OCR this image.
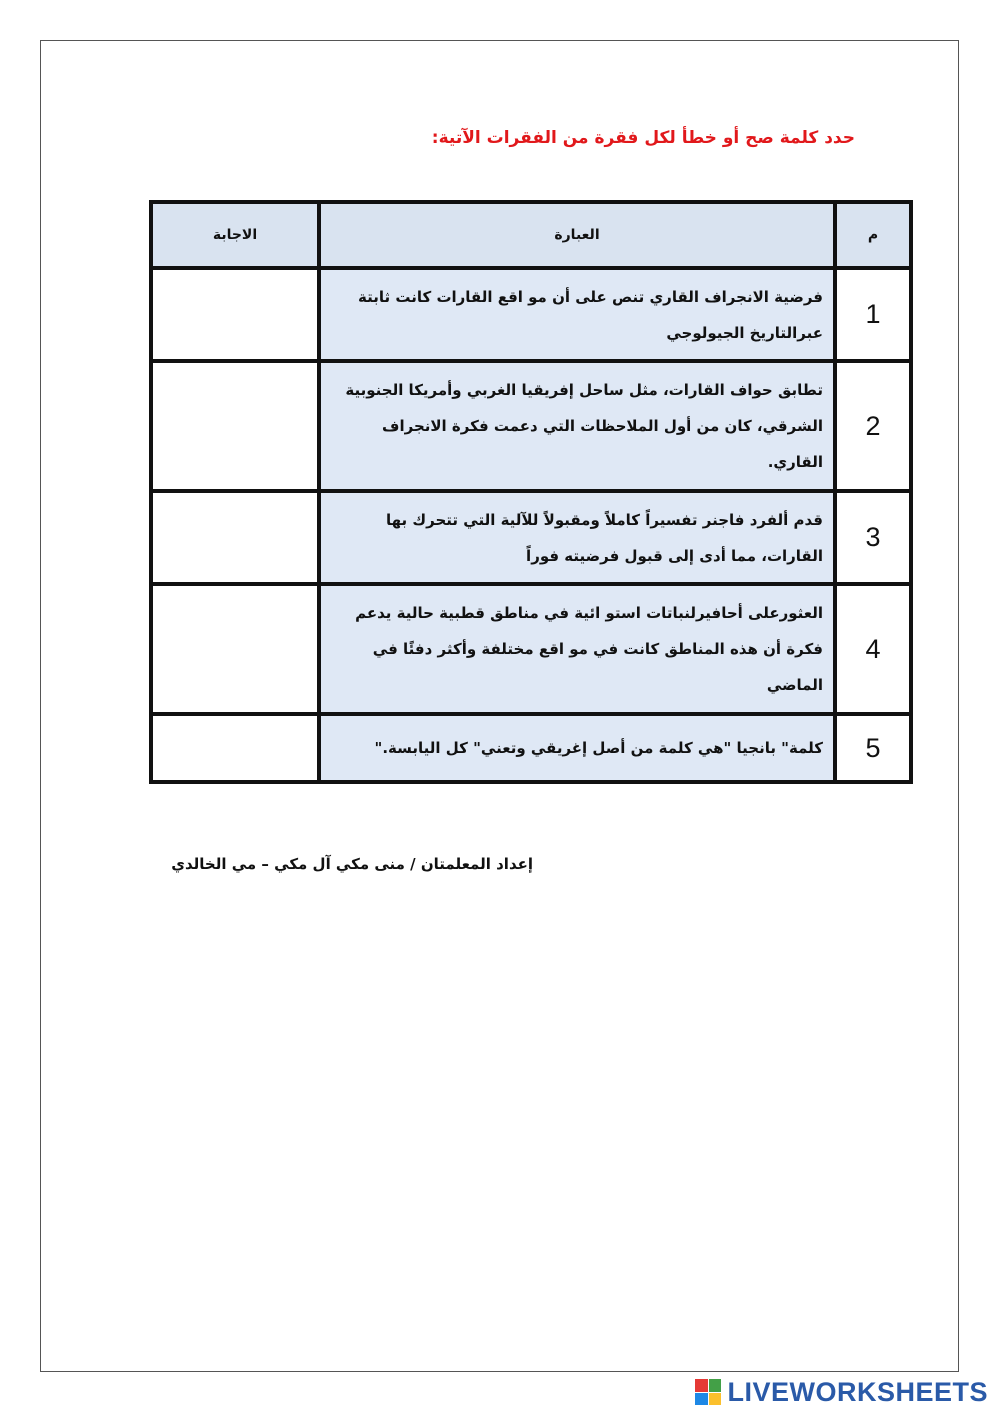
حدد كلمة صح أو خطأ لكل فقرة من الفقرات الآتية:
م	العبارة	الاجابة
1	فرضية الانجراف القاري تنص على أن مو اقع القارات كانت ثابتة عبرالتاريخ الجيولوجي	
2	تطابق حواف القارات، مثل ساحل إفريقيا الغربي وأمريكا الجنوبية الشرقي، كان من أول الملاحظات التي دعمت فكرة الانجراف القاري.	
3	قدم ألفرد فاجنر تفسيراً كاملاً ومقبولاً للآلية التي تتحرك بها القارات، مما أدى إلى قبول فرضيته فوراً	
4	العثورعلى أحافيرلنباتات استو ائية في مناطق قطبية حالية يدعم فكرة أن هذه المناطق كانت في مو اقع مختلفة وأكثر دفئًا في الماضي	
5	كلمة" بانجيا "هي كلمة من أصل إغريقي وتعني" كل اليابسة."	
إعداد المعلمتان / منى مكي آل مكي – مي الخالدي
LIVEWORKSHEETS
